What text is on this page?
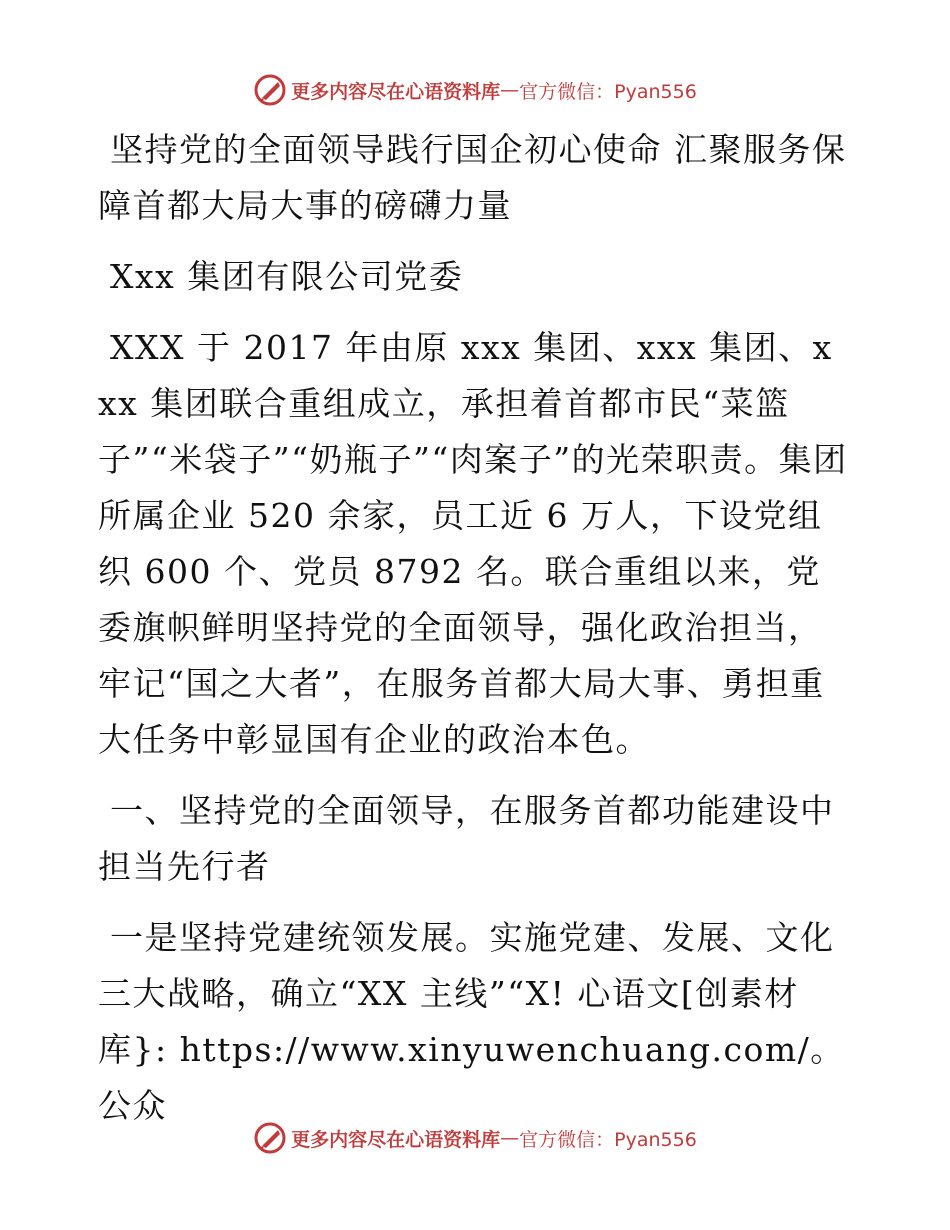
更多内容尽在心语资料库 — 官方微信：Pyan556

坚持党的全面领导践行国企初心使命 汇聚服务保障首都大局大事的磅礴力量

Xxx 集团有限公司党委

XXX 于 2017 年由原 xxx 集团、xxx 集团、xxx 集团联合重组成立，承担着首都市民“菜篮子”“米袋子”“奶瓶子”“肉案子”的光荣职责。集团所属企业 520 余家，员工近 6 万人，下设党组织 600 个、党员 8792 名。联合重组以来，党委旗帜鲜明坚持党的全面领导，强化政治担当，牢记“国之大者”，在服务首都大局大事、勇担重大任务中彰显国有企业的政治本色。

一、坚持党的全面领导，在服务首都功能建设中担当先行者

一是坚持党建统领发展。实施党建、发展、文化三大战略，确立“XX 主线”“X! 心语文[创素材库}: https://www.xinyuwenchuang.com/。公众

更多内容尽在心语资料库 — 官方微信：Pyan556
